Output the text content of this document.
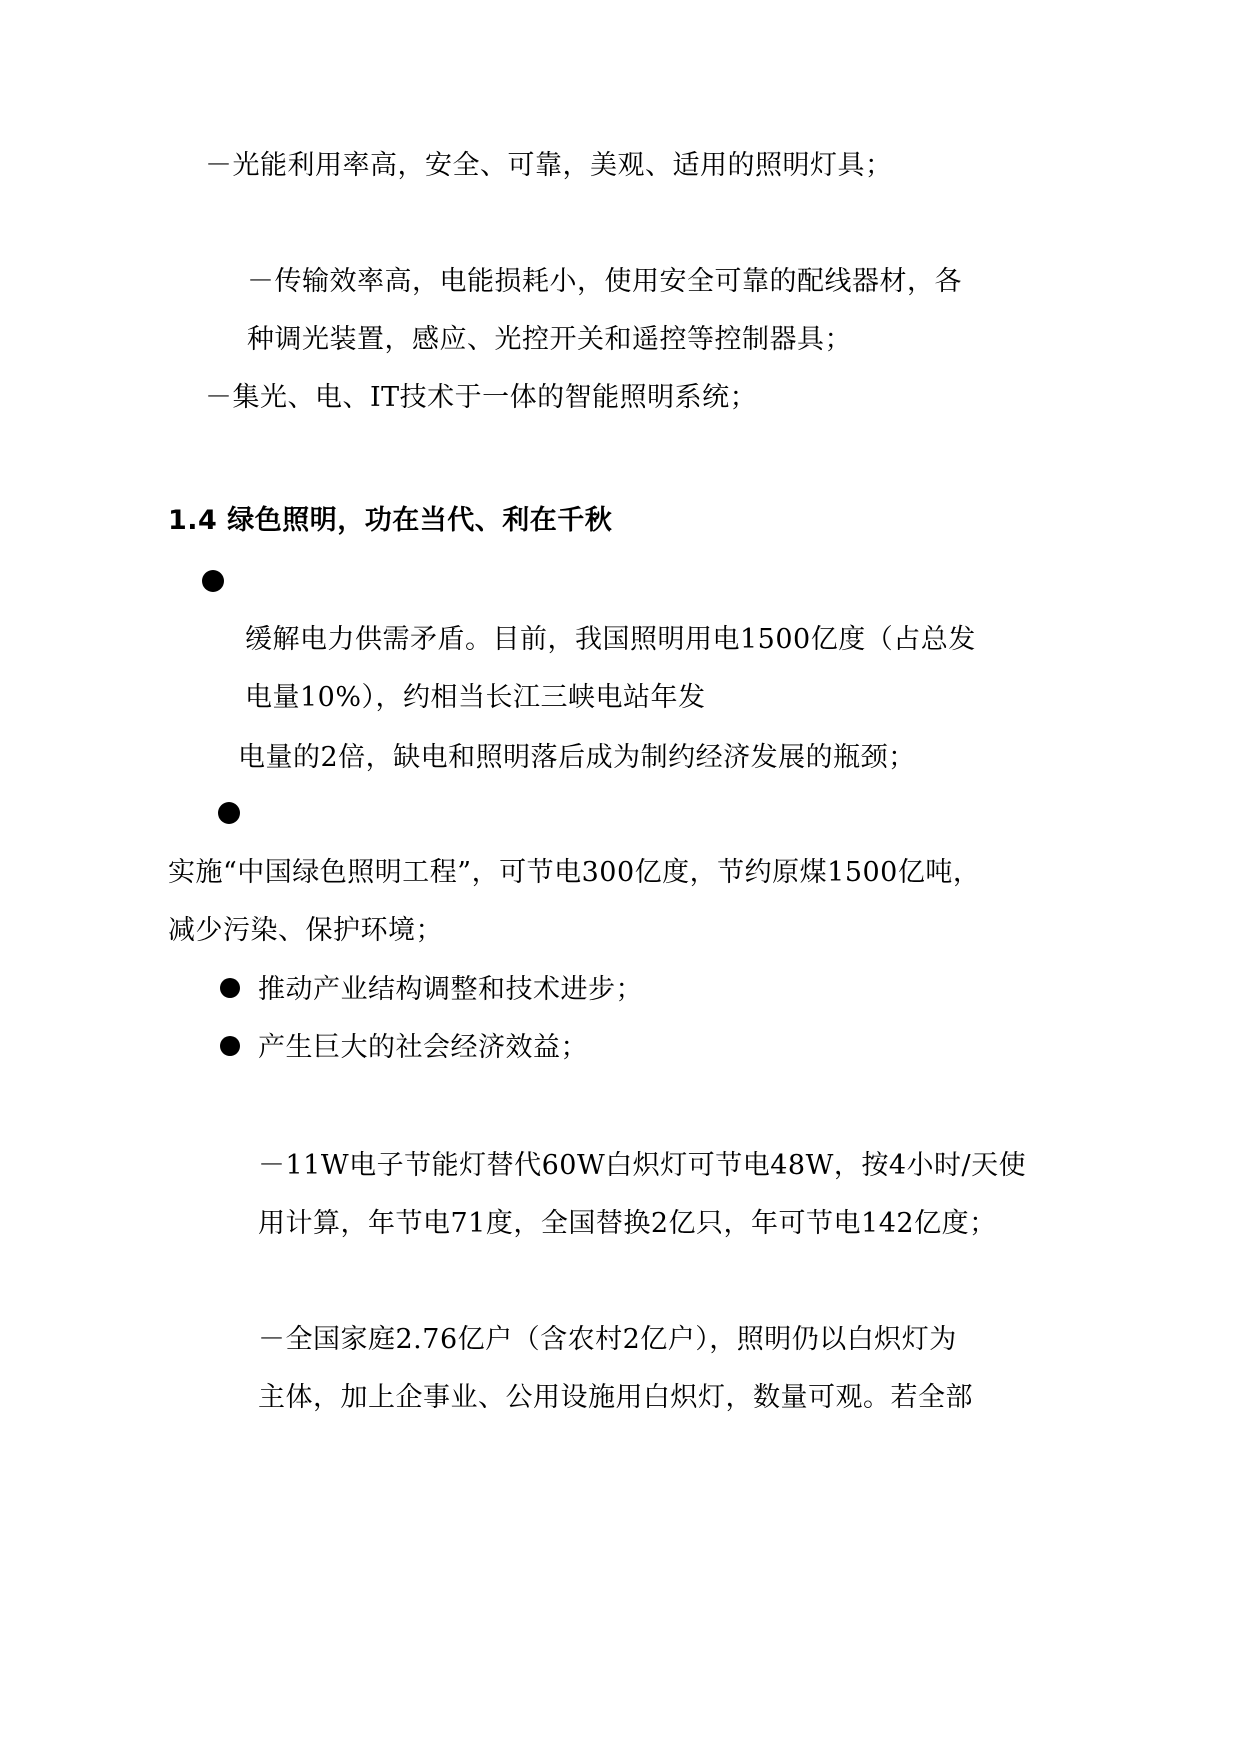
－光能利用率高，安全、可靠，美观、适用的照明灯具；
－传输效率高，电能损耗小，使用安全可靠的配线器材，各
种调光装置，感应、光控开关和遥控等控制器具；
－集光、电、IT技术于一体的智能照明系统；
1.4 绿色照明，功在当代、利在千秋
缓解电力供需矛盾。目前，我国照明用电1500亿度（占总发
电量10%），约相当长江三峡电站年发
电量的2倍，缺电和照明落后成为制约经济发展的瓶颈；
实施“中国绿色照明工程”，可节电300亿度，节约原煤1500亿吨，
减少污染、保护环境；
推动产业结构调整和技术进步；
产生巨大的社会经济效益；
－11W电子节能灯替代60W白炽灯可节电48W，按4小时/天使
用计算，年节电71度，全国替换2亿只，年可节电142亿度；
－全国家庭2.76亿户（含农村2亿户），照明仍以白炽灯为
主体，加上企事业、公用设施用白炽灯，数量可观。若全部
